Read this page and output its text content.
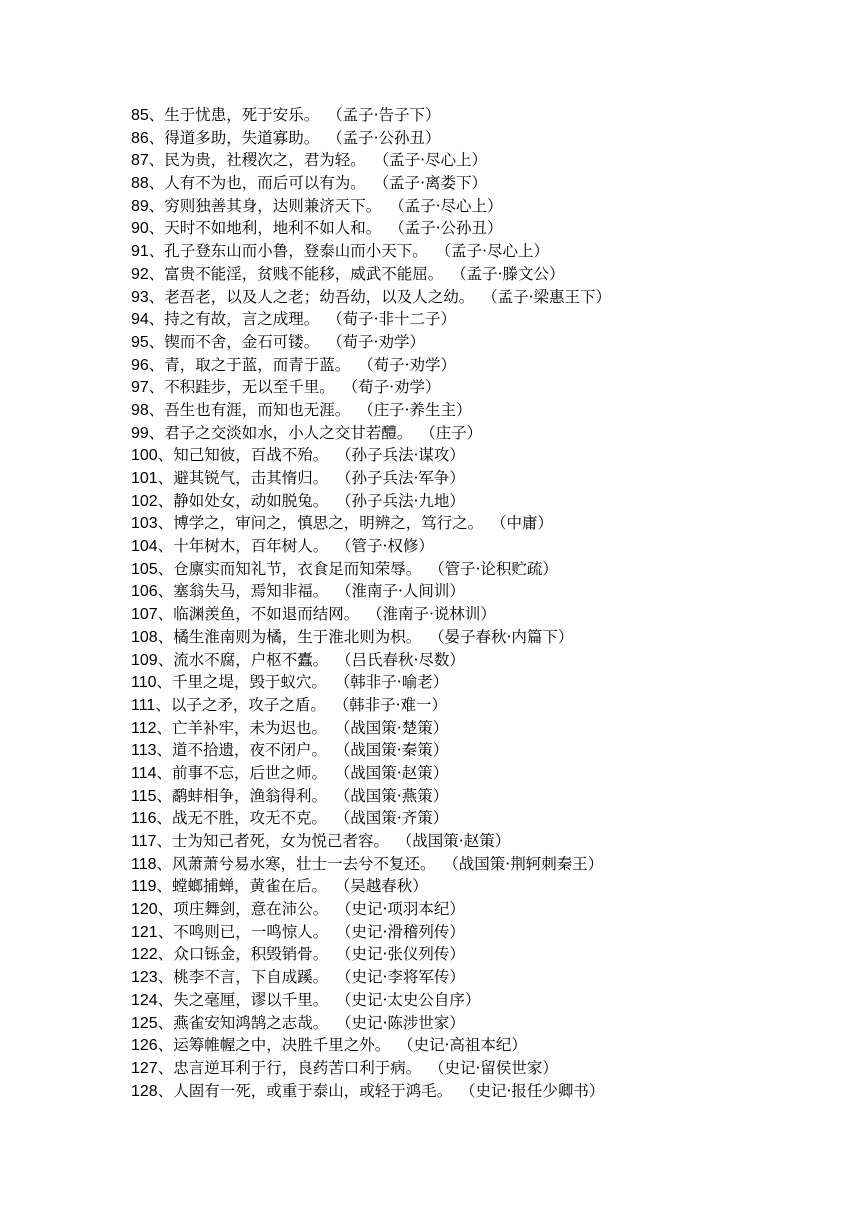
85、生于忧患，死于安乐。 （孟子·告子下）
86、得道多助，失道寡助。 （孟子·公孙丑）
87、民为贵，社稷次之，君为轻。 （孟子·尽心上）
88、人有不为也，而后可以有为。 （孟子·离娄下）
89、穷则独善其身，达则兼济天下。 （孟子·尽心上）
90、天时不如地利，地利不如人和。 （孟子·公孙丑）
91、孔子登东山而小鲁，登泰山而小天下。 （孟子·尽心上）
92、富贵不能淫，贫贱不能移，威武不能屈。 （孟子·滕文公）
93、老吾老，以及人之老；幼吾幼，以及人之幼。 （孟子·梁惠王下）
94、持之有故，言之成理。 （荀子·非十二子）
95、锲而不舍，金石可镂。 （荀子·劝学）
96、青，取之于蓝，而青于蓝。 （荀子·劝学）
97、不积跬步，无以至千里。 （荀子·劝学）
98、吾生也有涯，而知也无涯。 （庄子·养生主）
99、君子之交淡如水，小人之交甘若醴。 （庄子）
100、知己知彼，百战不殆。 （孙子兵法·谋攻）
101、避其锐气，击其惰归。 （孙子兵法·军争）
102、静如处女，动如脱兔。 （孙子兵法·九地）
103、博学之，审问之，慎思之，明辨之，笃行之。 （中庸）
104、十年树木，百年树人。 （管子·权修）
105、仓廪实而知礼节，衣食足而知荣辱。 （管子·论积贮疏）
106、塞翁失马，焉知非福。 （淮南子·人间训）
107、临渊羡鱼，不如退而结网。 （淮南子·说林训）
108、橘生淮南则为橘，生于淮北则为枳。 （晏子春秋·内篇下）
109、流水不腐，户枢不蠹。 （吕氏春秋·尽数）
110、千里之堤，毁于蚁穴。 （韩非子·喻老）
111、以子之矛，攻子之盾。 （韩非子·难一）
112、亡羊补牢，未为迟也。 （战国策·楚策）
113、道不拾遗，夜不闭户。 （战国策·秦策）
114、前事不忘，后世之师。 （战国策·赵策）
115、鹬蚌相争，渔翁得利。 （战国策·燕策）
116、战无不胜，攻无不克。 （战国策·齐策）
117、士为知己者死，女为悦己者容。 （战国策·赵策）
118、风萧萧兮易水寒，壮士一去兮不复还。 （战国策·荆轲刺秦王）
119、螳螂捕蝉，黄雀在后。 （吴越春秋）
120、项庄舞剑，意在沛公。 （史记·项羽本纪）
121、不鸣则已，一鸣惊人。 （史记·滑稽列传）
122、众口铄金，积毁销骨。 （史记·张仪列传）
123、桃李不言，下自成蹊。 （史记·李将军传）
124、失之毫厘，谬以千里。 （史记·太史公自序）
125、燕雀安知鸿鹄之志哉。 （史记·陈涉世家）
126、运筹帷幄之中，决胜千里之外。 （史记·高祖本纪）
127、忠言逆耳利于行，良药苦口利于病。 （史记·留侯世家）
128、人固有一死，或重于泰山，或轻于鸿毛。 （史记·报任少卿书）
